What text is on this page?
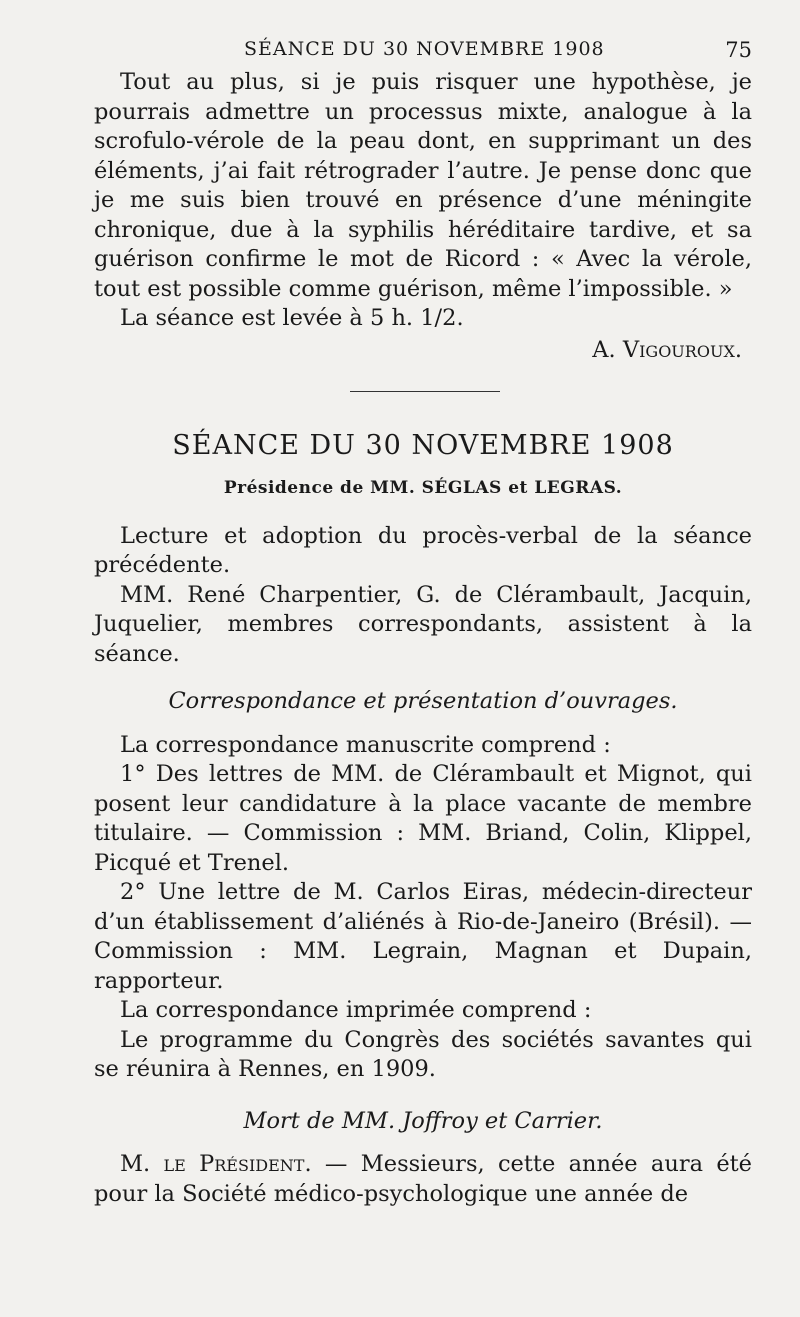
SÉANCE DU 30 NOVEMBRE 1908	75

Tout au plus, si je puis risquer une hypothèse, je pourrais admettre un processus mixte, analogue à la scrofulo-vérole de la peau dont, en supprimant un des éléments, j’ai fait rétrograder l’autre. Je pense donc que je me suis bien trouvé en présence d’une méningite chronique, due à la syphilis héréditaire tardive, et sa guérison confirme le mot de Ricord : « Avec la vérole, tout est possible comme guérison, même l’impossible. »

La séance est levée à 5 h. 1/2.

A. Vigouroux.
SÉANCE DU 30 NOVEMBRE 1908
Présidence de MM. SÉGLAS et LEGRAS.

Lecture et adoption du procès-verbal de la séance précédente.

MM. René Charpentier, G. de Clérambault, Jacquin, Juquelier, membres correspondants, assistent à la séance.

Correspondance et présentation d’ouvrages.

La correspondance manuscrite comprend :

1° Des lettres de MM. de Clérambault et Mignot, qui posent leur candidature à la place vacante de membre titulaire. — Commission : MM. Briand, Colin, Klippel, Picqué et Trenel.

2° Une lettre de M. Carlos Eiras, médecin-directeur d’un établissement d’aliénés à Rio-de-Janeiro (Brésil). — Commission : MM. Legrain, Magnan et Dupain, rapporteur.

La correspondance imprimée comprend :

Le programme du Congrès des sociétés savantes qui se réunira à Rennes, en 1909.

Mort de MM. Joffroy et Carrier.

M. le Président. — Messieurs, cette année aura été pour la Société médico-psychologique une année de
